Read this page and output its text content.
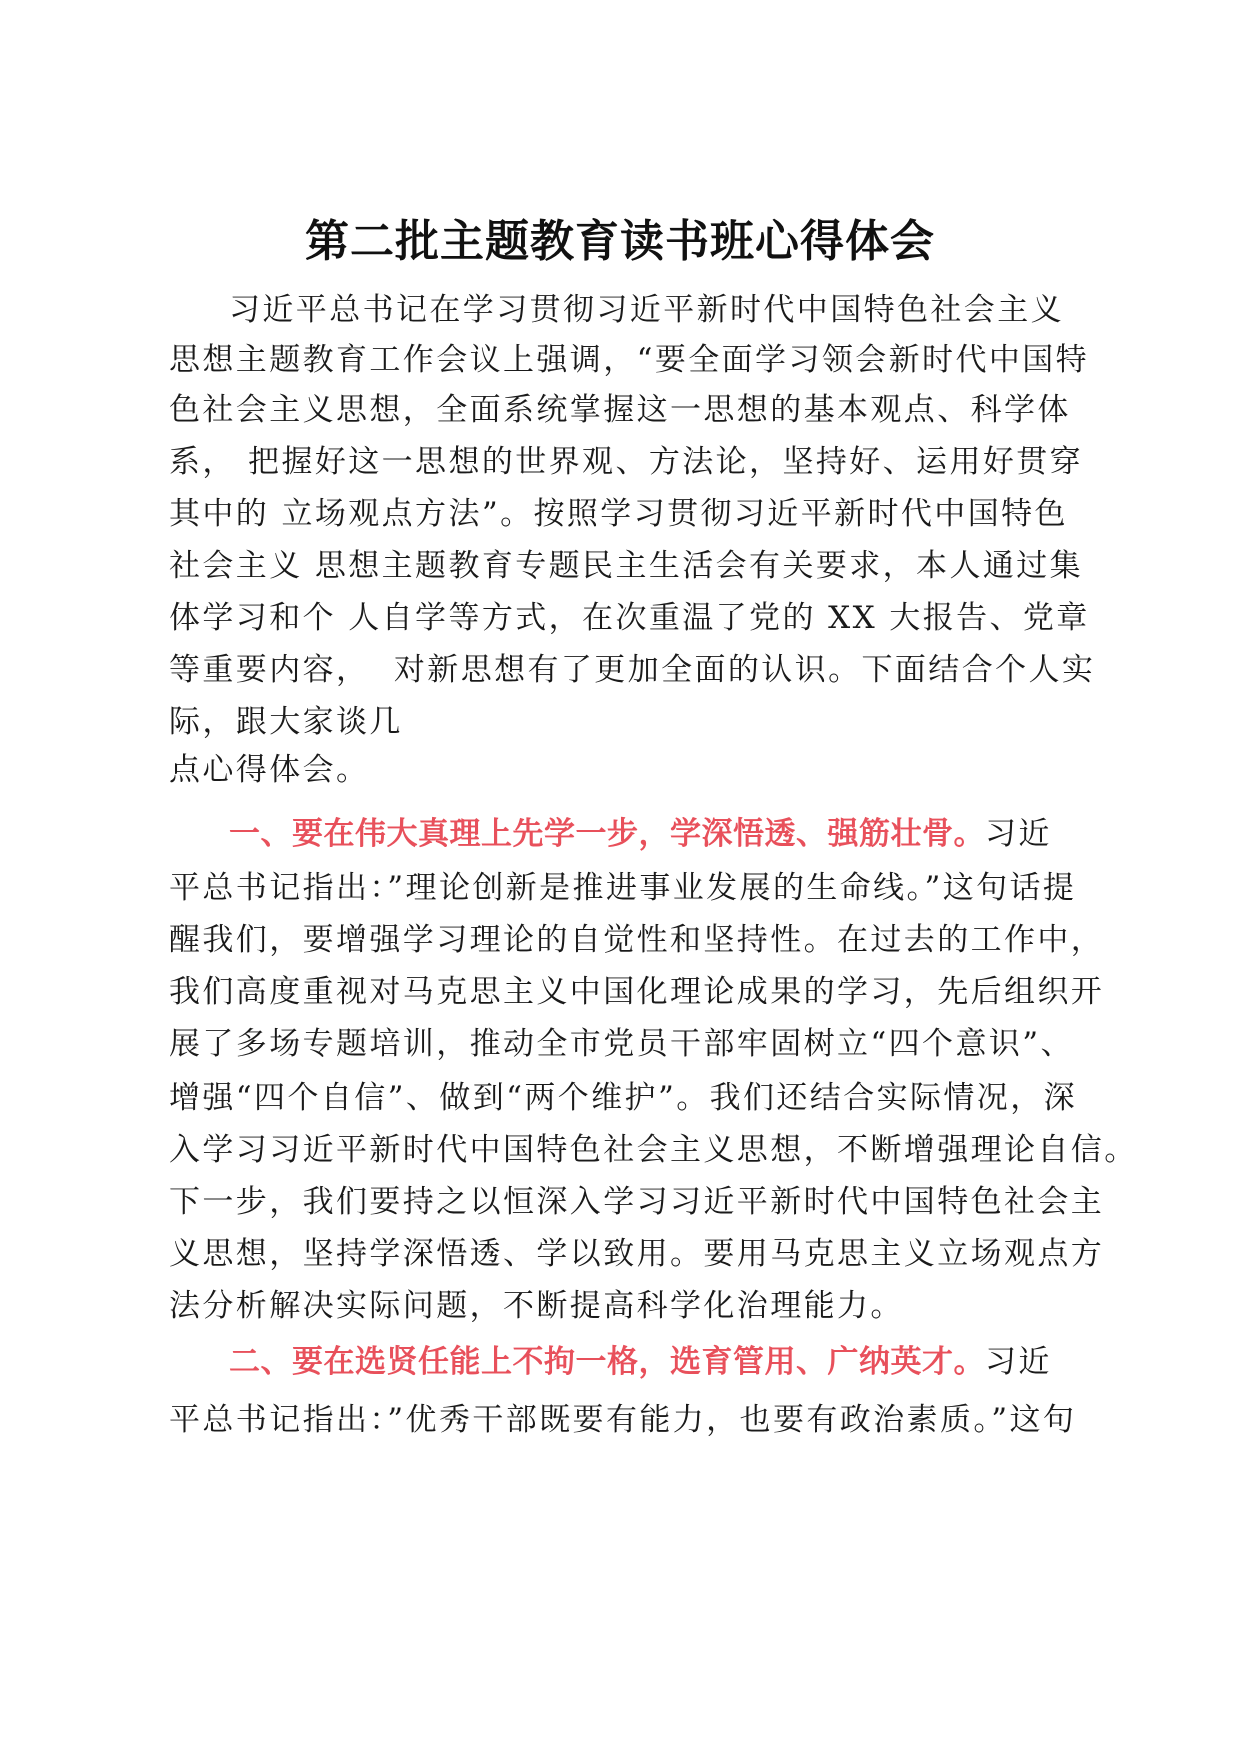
第二批主题教育读书班心得体会
习近平总书记在学习贯彻习近平新时代中国特色社会主义
思想主题教育工作会议上强调，“要全面学习领会新时代中国特
色社会主义思想，全面系统掌握这一思想的基本观点、科学体
系， 把握好这一思想的世界观、方法论，坚持好、运用好贯穿
其中的 立场观点方法”。按照学习贯彻习近平新时代中国特色
社会主义 思想主题教育专题民主生活会有关要求，本人通过集
体学习和个 人自学等方式，在次重温了党的 XX 大报告、党章
等重要内容，  对新思想有了更加全面的认识。下面结合个人实
际，跟大家谈几
点心得体会。
一、要在伟大真理上先学一步，学深悟透、强筋壮骨。习近
平总书记指出：”理论创新是推进事业发展的生命线。”这句话提
醒我们，要增强学习理论的自觉性和坚持性。在过去的工作中，
我们高度重视对马克思主义中国化理论成果的学习，先后组织开
展了多场专题培训，推动全市党员干部牢固树立“四个意识”、
增强“四个自信”、做到“两个维护”。我们还结合实际情况，深
入学习习近平新时代中国特色社会主义思想，不断增强理论自信。
下一步，我们要持之以恒深入学习习近平新时代中国特色社会主
义思想，坚持学深悟透、学以致用。要用马克思主义立场观点方
法分析解决实际问题，不断提高科学化治理能力。
二、要在选贤任能上不拘一格，选育管用、广纳英才。习近
平总书记指出：”优秀干部既要有能力，也要有政治素质。”这句
